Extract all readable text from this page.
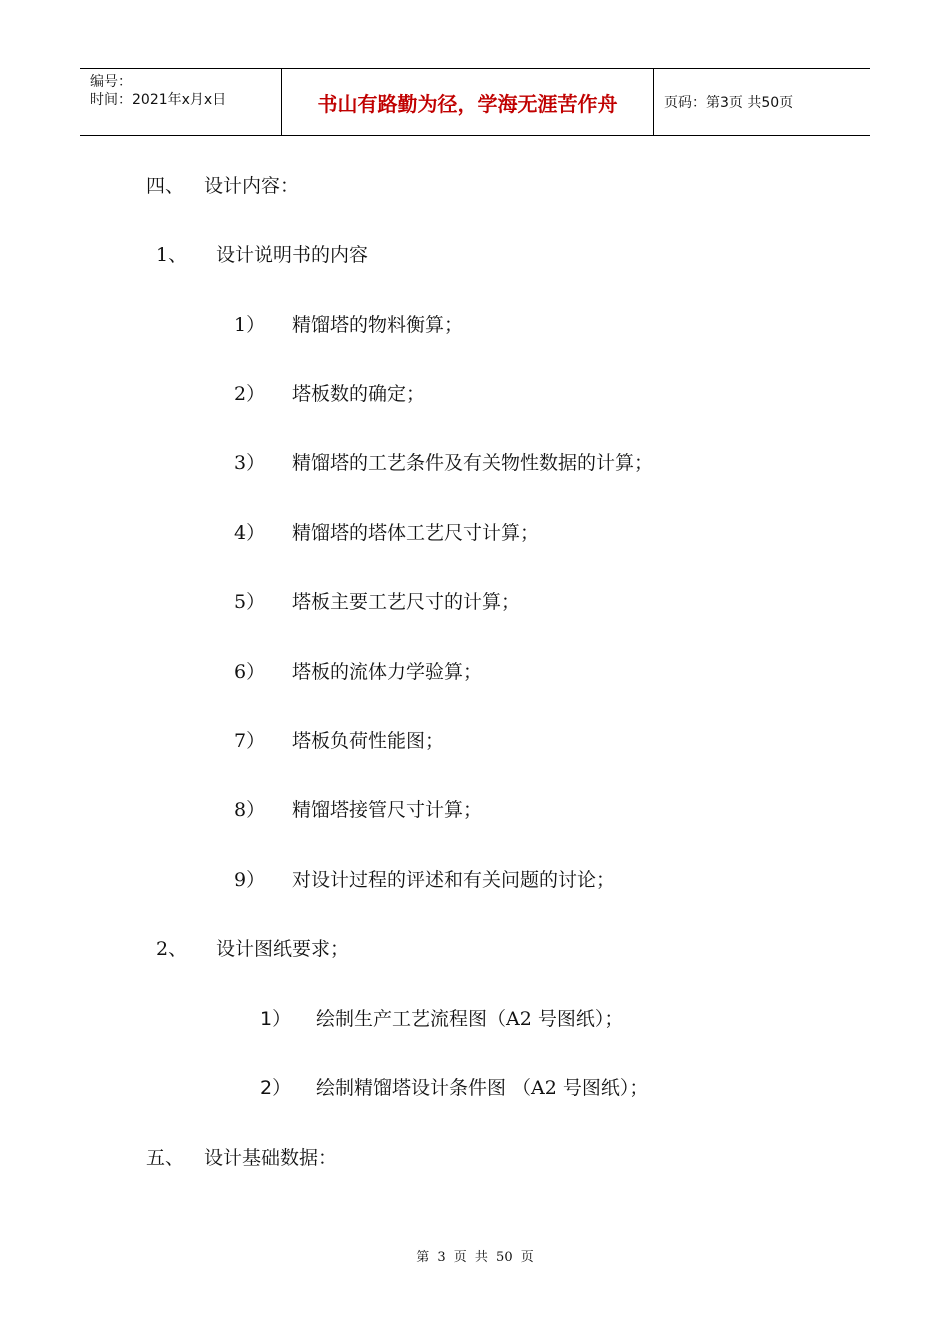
编号：
时间：2021年x月x日	书山有路勤为径，学海无涯苦作舟	页码：第3页 共50页
四、 设计内容：
1、 设计说明书的内容
1） 精馏塔的物料衡算；
2） 塔板数的确定；
3） 精馏塔的工艺条件及有关物性数据的计算；
4） 精馏塔的塔体工艺尺寸计算；
5） 塔板主要工艺尺寸的计算；
6） 塔板的流体力学验算；
7） 塔板负荷性能图；
8） 精馏塔接管尺寸计算；
9） 对设计过程的评述和有关问题的讨论；
2、 设计图纸要求；
1） 绘制生产工艺流程图（A2 号图纸）；
2） 绘制精馏塔设计条件图 （A2 号图纸）；
五、 设计基础数据：
第 3 页 共 50 页
